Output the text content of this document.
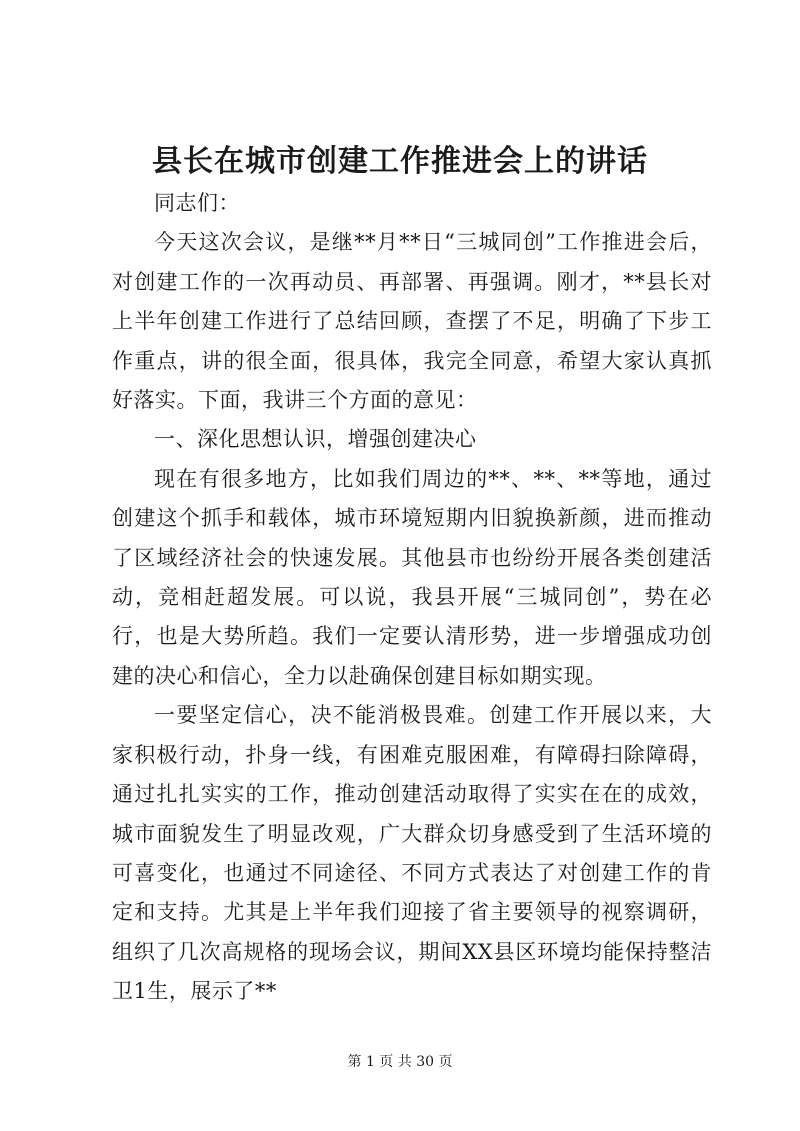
县长在城市创建工作推进会上的讲话

同志们：

今天这次会议，是继**月**日“三城同创”工作推进会后，对创建工作的一次再动员、再部署、再强调。刚才，**县长对上半年创建工作进行了总结回顾，查摆了不足，明确了下步工作重点，讲的很全面，很具体，我完全同意，希望大家认真抓好落实。下面，我讲三个方面的意见：

一、深化思想认识，增强创建决心

现在有很多地方，比如我们周边的**、**、**等地，通过创建这个抓手和载体，城市环境短期内旧貌换新颜，进而推动了区域经济社会的快速发展。其他县市也纷纷开展各类创建活动，竞相赶超发展。可以说，我县开展“三城同创”，势在必行，也是大势所趋。我们一定要认清形势，进一步增强成功创建的决心和信心，全力以赴确保创建目标如期实现。

一要坚定信心，决不能消极畏难。创建工作开展以来，大家积极行动，扑身一线，有困难克服困难，有障碍扫除障碍，通过扎扎实实的工作，推动创建活动取得了实实在在的成效，城市面貌发生了明显改观，广大群众切身感受到了生活环境的可喜变化，也通过不同途径、不同方式表达了对创建工作的肯定和支持。尤其是上半年我们迎接了省主要领导的视察调研，组织了几次高规格的现场会议，期间XX县区环境均能保持整洁卫1生，展示了**

第 1 页 共 30 页
